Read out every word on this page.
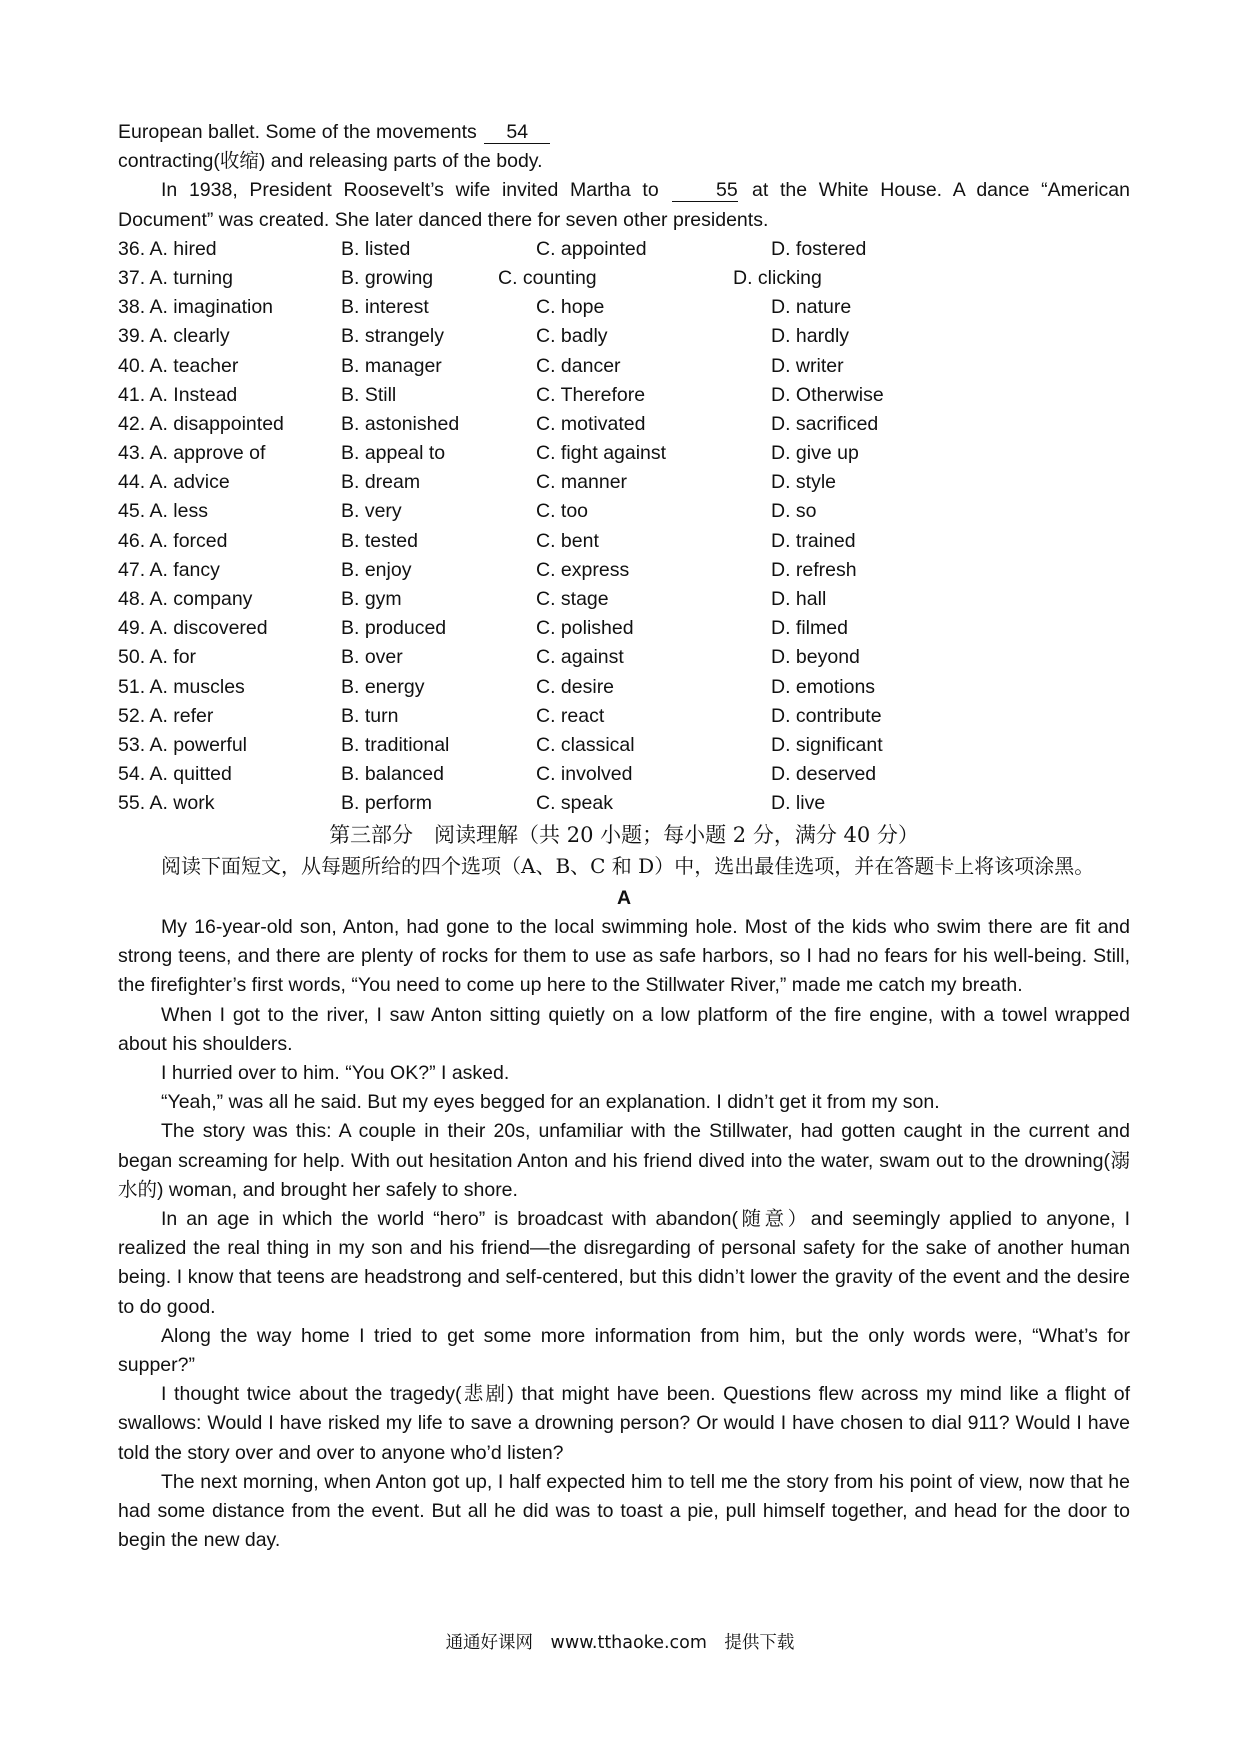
European ballet. Some of the movements 54
contracting(收缩) and releasing parts of the body.

In 1938, President Roosevelt’s wife invited Martha to	55 at the White House. A dance “American Document” was created. She later danced there for seven other presidents.

36. A. hired	B. listed	C. appointed	D. fostered
37. A. turning	B. growing	C. counting	D. clicking
38. A. imagination	B. interest	C. hope	D. nature
39. A. clearly	B. strangely	C. badly	D. hardly
40. A. teacher	B. manager	C. dancer	D. writer
41. A. Instead	B. Still	C. Therefore	D. Otherwise
42. A. disappointed	B. astonished	C. motivated	D. sacrificed
43. A. approve of	B. appeal to	C. fight against	D. give up
44. A. advice	B. dream	C. manner	D. style
45. A. less	B. very	C. too	D. so
46. A. forced	B. tested	C. bent	D. trained
47. A. fancy	B. enjoy	C. express	D. refresh
48. A. company	B. gym	C. stage	D. hall
49. A. discovered	B. produced	C. polished	D. filmed
50. A. for	B. over	C. against	D. beyond
51. A. muscles	B. energy	C. desire	D. emotions
52. A. refer	B. turn	C. react	D. contribute
53. A. powerful	B. traditional	C. classical	D. significant
54. A. quitted	B. balanced	C. involved	D. deserved
55. A. work	B. perform	C. speak	D. live
第三部分　阅读理解（共 20 小题；每小题 2 分，满分 40 分）

阅读下面短文，从每题所给的四个选项（A、B、C 和 D）中，选出最佳选项，并在答题卡上将该项涂黑。

A

My 16-year-old son, Anton, had gone to the local swimming hole. Most of the kids who swim there are fit and strong teens, and there are plenty of rocks for them to use as safe harbors, so I had no fears for his well-being. Still, the firefighter’s first words, “You need to come up here to the Stillwater River,” made me catch my breath.

When I got to the river, I saw Anton sitting quietly on a low platform of the fire engine, with a towel wrapped about his shoulders.

I hurried over to him. “You OK?” I asked.

“Yeah,” was all he said. But my eyes begged for an explanation. I didn’t get it from my son.

The story was this: A couple in their 20s, unfamiliar with the Stillwater, had gotten caught in the current and began screaming for help. With out hesitation Anton and his friend dived into the water, swam out to the drowning(溺水的) woman, and brought her safely to shore.

In an age in which the world “hero” is broadcast with abandon(随意）and seemingly applied to anyone, I realized the real thing in my son and his friend—the disregarding of personal safety for the sake of another human being. I know that teens are headstrong and self-centered, but this didn’t lower the gravity of the event and the desire to do good.

Along the way home I tried to get some more information from him, but the only words were, “What’s for supper?”

I thought twice about the tragedy(悲剧) that might have been. Questions flew across my mind like a flight of swallows: Would I have risked my life to save a drowning person? Or would I have chosen to dial 911? Would I have told the story over and over to anyone who’d listen?

The next morning, when Anton got up, I half expected him to tell me the story from his point of view, now that he had some distance from the event. But all he did was to toast a pie, pull himself together, and head for the door to begin the new day.

通通好课网　www.tthaoke.com　提供下载
